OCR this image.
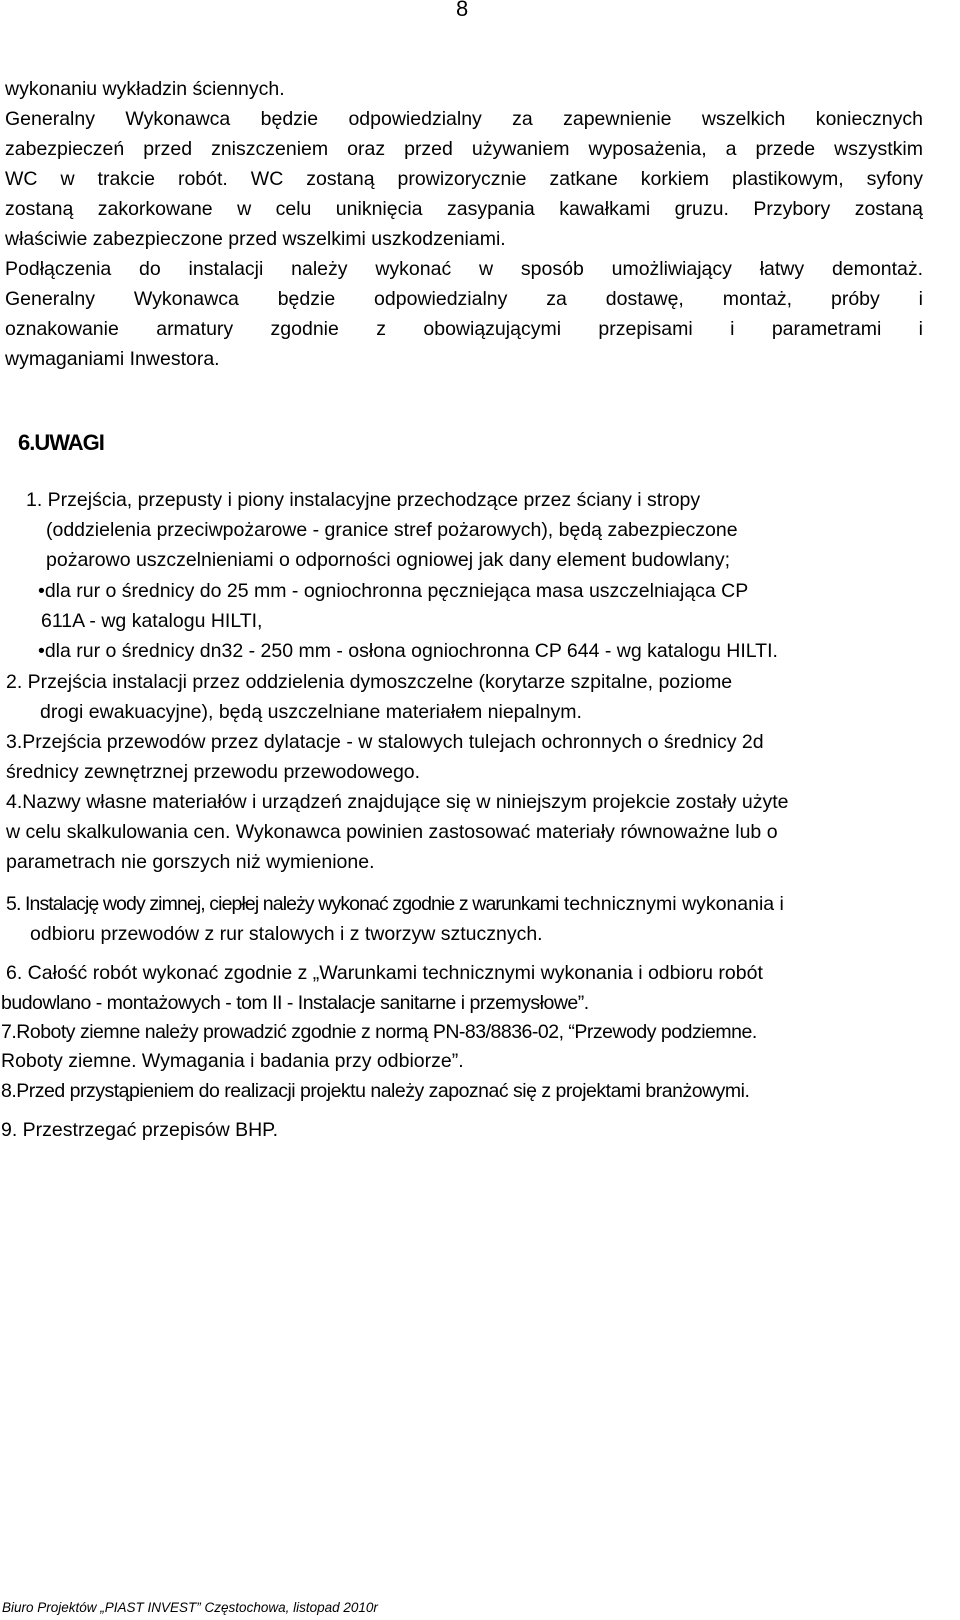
8
wykonaniu wykładzin ściennych.
Generalny Wykonawca będzie odpowiedzialny za zapewnienie wszelkich koniecznych
zabezpieczeń przed zniszczeniem oraz przed używaniem wyposażenia, a przede wszystkim
WC w trakcie robót. WC zostaną prowizorycznie zatkane korkiem plastikowym, syfony
zostaną zakorkowane w celu uniknięcia zasypania kawałkami gruzu. Przybory zostaną
właściwie zabezpieczone przed wszelkimi uszkodzeniami.
Podłączenia do instalacji należy wykonać w sposób umożliwiający łatwy demontaż.
Generalny Wykonawca będzie odpowiedzialny za dostawę, montaż, próby i
oznakowanie armatury zgodnie z obowiązującymi przepisami i parametrami i
wymaganiami Inwestora.
6.UWAGI
1. Przejścia, przepusty i piony instalacyjne przechodzące przez ściany i stropy
(oddzielenia przeciwpożarowe - granice stref pożarowych), będą zabezpieczone
pożarowo uszczelnieniami o odporności ogniowej jak dany element budowlany;
•dla rur o średnicy do 25 mm - ogniochronna pęczniejąca masa uszczelniająca CP
611A - wg katalogu HILTI,
•dla rur o średnicy dn32 - 250 mm - osłona ogniochronna CP 644 - wg katalogu HILTI.
2. Przejścia instalacji przez oddzielenia dymoszczelne (korytarze szpitalne, poziome
drogi ewakuacyjne), będą uszczelniane materiałem niepalnym.
3.Przejścia przewodów przez dylatacje - w stalowych tulejach ochronnych o średnicy 2d
średnicy zewnętrznej przewodu przewodowego.
4.Nazwy własne materiałów i urządzeń znajdujące się w niniejszym projekcie zostały użyte
w celu skalkulowania cen. Wykonawca powinien zastosować materiały równoważne lub o
parametrach nie gorszych niż wymienione.
5. Instalację wody zimnej, ciepłej należy wykonać zgodnie z warunkami technicznymi wykonania i
odbioru przewodów z rur stalowych i z tworzyw sztucznych.
6. Całość robót wykonać zgodnie z „Warunkami technicznymi wykonania i odbioru robót
budowlano - montażowych - tom II - Instalacje sanitarne i przemysłowe”.
7.Roboty ziemne należy prowadzić zgodnie z normą PN-83/8836-02, “Przewody podziemne.
Roboty ziemne. Wymagania i badania przy odbiorze”.
8.Przed przystąpieniem do realizacji projektu należy zapoznać się z projektami branżowymi.
9. Przestrzegać przepisów BHP.
Biuro Projektów „PIAST INVEST” Częstochowa, listopad 2010r
